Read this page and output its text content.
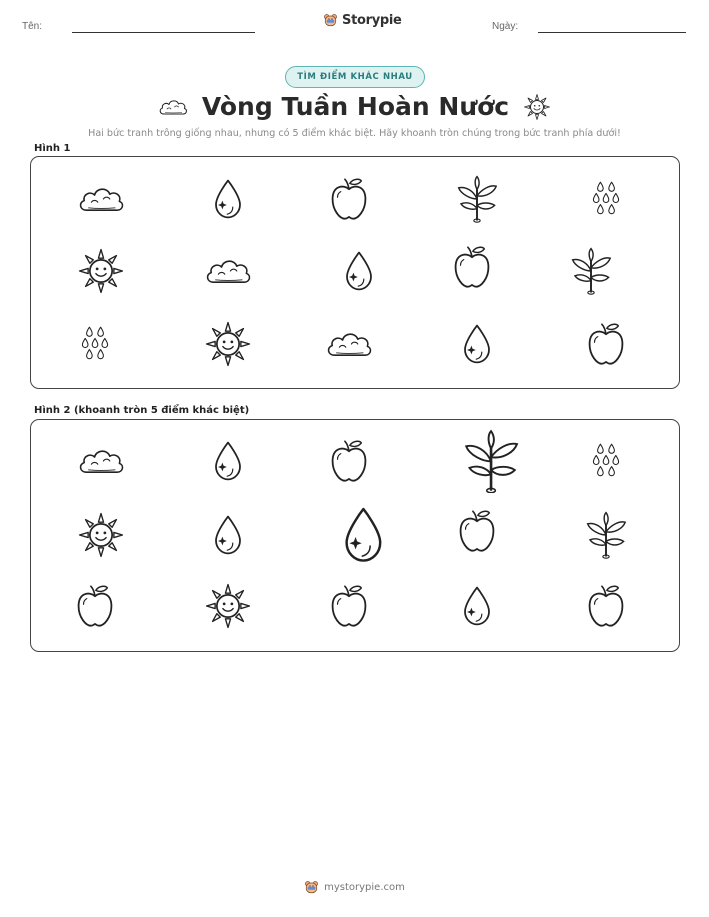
Tên:	Storypie	Ngày:
TÌM ĐIỂM KHÁC NHAU
Vòng Tuần Hoàn Nước
Hai bức tranh trông giống nhau, nhưng có 5 điểm khác biệt. Hãy khoanh tròn chúng trong bức tranh phía dưới!
Hình 1
Hình 2 (khoanh tròn 5 điểm khác biệt)
mystorypie.com
